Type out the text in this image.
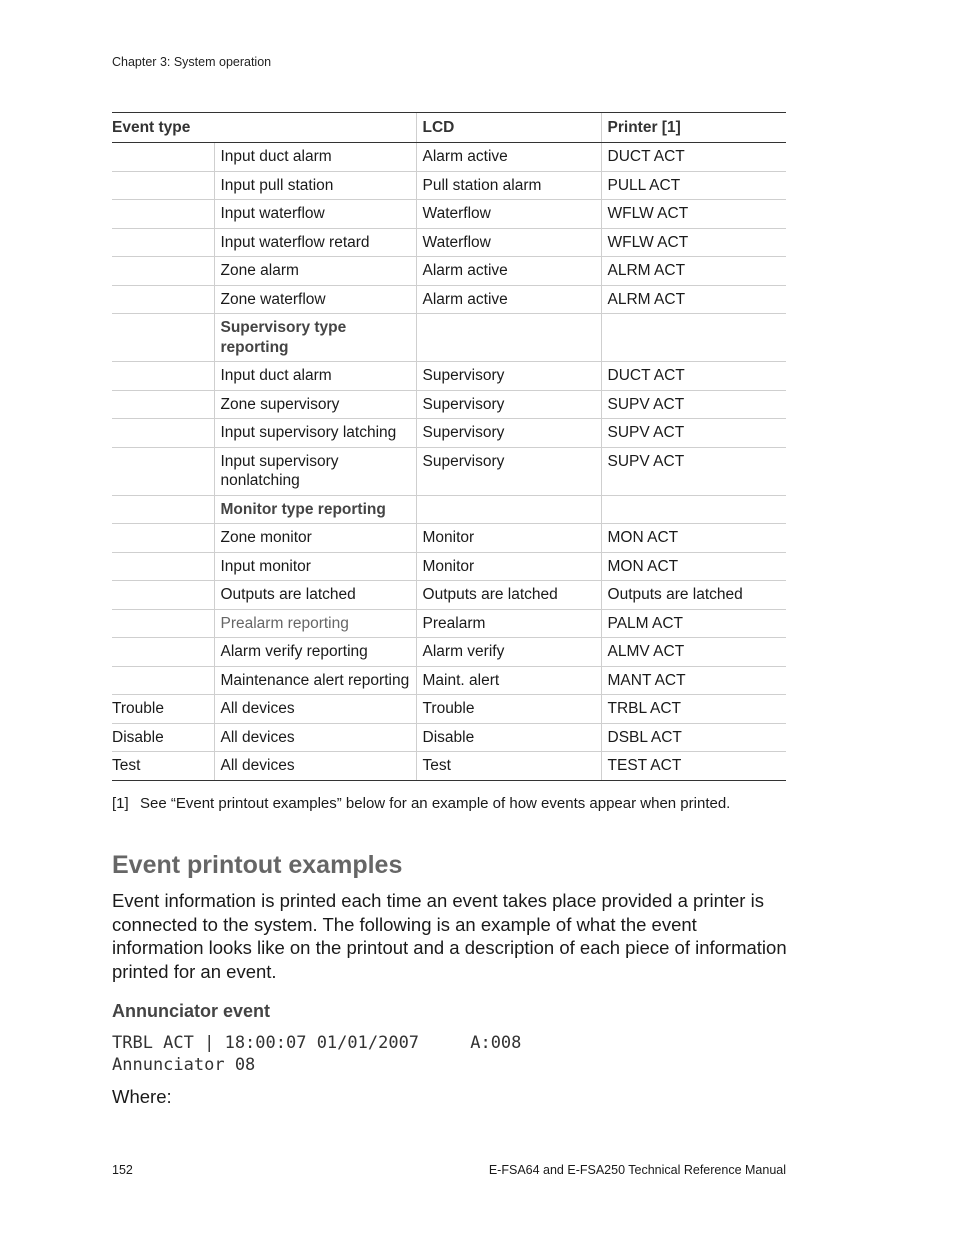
Chapter 3: System operation
Event type		LCD	Printer [1]
	Input duct alarm	Alarm active	DUCT ACT
	Input pull station	Pull station alarm	PULL ACT
	Input waterflow	Waterflow	WFLW ACT
	Input waterflow retard	Waterflow	WFLW ACT
	Zone alarm	Alarm active	ALRM ACT
	Zone waterflow	Alarm active	ALRM ACT
	Supervisory type reporting		
	Input duct alarm	Supervisory	DUCT ACT
	Zone supervisory	Supervisory	SUPV ACT
	Input supervisory latching	Supervisory	SUPV ACT
	Input supervisory nonlatching	Supervisory	SUPV ACT
	Monitor type reporting		
	Zone monitor	Monitor	MON ACT
	Input monitor	Monitor	MON ACT
	Outputs are latched	Outputs are latched	Outputs are latched
	Prealarm reporting	Prealarm	PALM ACT
	Alarm verify reporting	Alarm verify	ALMV ACT
	Maintenance alert reporting	Maint. alert	MANT ACT
Trouble	All devices	Trouble	TRBL ACT
Disable	All devices	Disable	DSBL ACT
Test	All devices	Test	TEST ACT
[1] See “Event printout examples” below for an example of how events appear when printed.
Event printout examples

Event information is printed each time an event takes place provided a printer is connected to the system. The following is an example of what the event information looks like on the printout and a description of each piece of information printed for an event.

Annunciator event
TRBL ACT | 18:00:07 01/01/2007     A:008
Annunciator 08
Where:
152	E-FSA64 and E-FSA250 Technical Reference Manual
